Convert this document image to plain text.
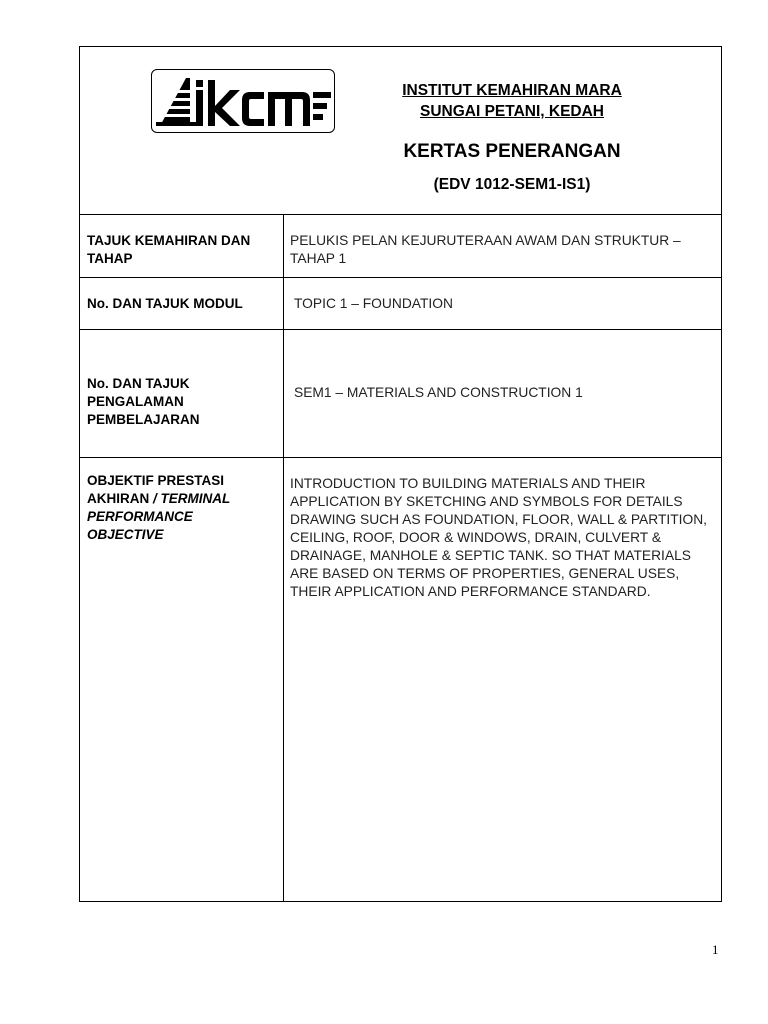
INSTITUT KEMAHIRAN MARA
SUNGAI PETANI, KEDAH
KERTAS PENERANGAN
(EDV 1012-SEM1-IS1)
TAJUK KEMAHIRAN DAN TAHAP
PELUKIS PELAN KEJURUTERAAN AWAM DAN STRUKTUR – TAHAP 1
No. DAN TAJUK MODUL	TOPIC 1 – FOUNDATION
No. DAN TAJUK PENGALAMAN PEMBELAJARAN
SEM1 – MATERIALS AND CONSTRUCTION 1
OBJEKTIF PRESTASI AKHIRAN / TERMINAL PERFORMANCE OBJECTIVE
INTRODUCTION TO BUILDING MATERIALS AND THEIR APPLICATION BY SKETCHING AND SYMBOLS FOR DETAILS DRAWING SUCH AS FOUNDATION, FLOOR, WALL & PARTITION, CEILING, ROOF, DOOR & WINDOWS, DRAIN, CULVERT & DRAINAGE, MANHOLE & SEPTIC TANK. SO THAT MATERIALS ARE BASED ON TERMS OF PROPERTIES, GENERAL USES, THEIR APPLICATION AND PERFORMANCE STANDARD.
1
